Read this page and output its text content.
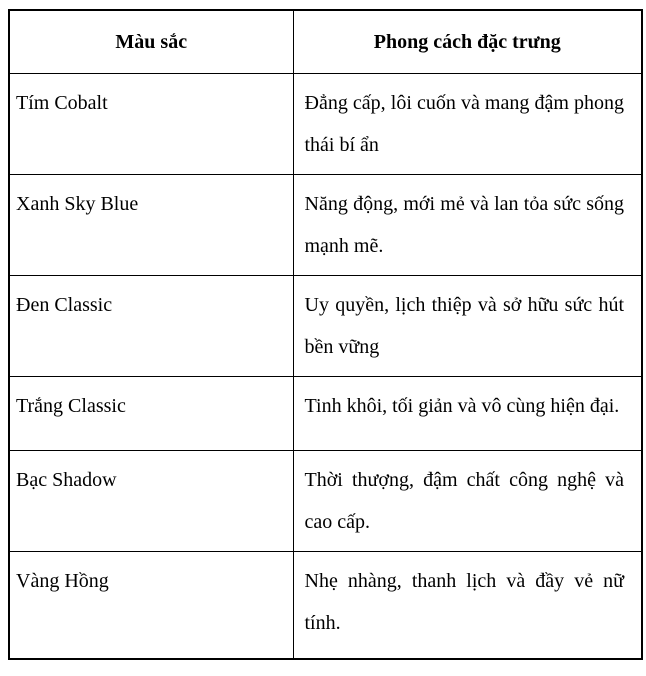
Màu sắc	Phong cách đặc trưng
Tím Cobalt	Đẳng cấp, lôi cuốn và mang đậm phong thái bí ẩn
Xanh Sky Blue	Năng động, mới mẻ và lan tỏa sức sống mạnh mẽ.
Đen Classic	Uy quyền, lịch thiệp và sở hữu sức hút bền vững
Trắng Classic	Tinh khôi, tối giản và vô cùng hiện đại.
Bạc Shadow	Thời thượng, đậm chất công nghệ và cao cấp.
Vàng Hồng	Nhẹ nhàng, thanh lịch và đầy vẻ nữ tính.
